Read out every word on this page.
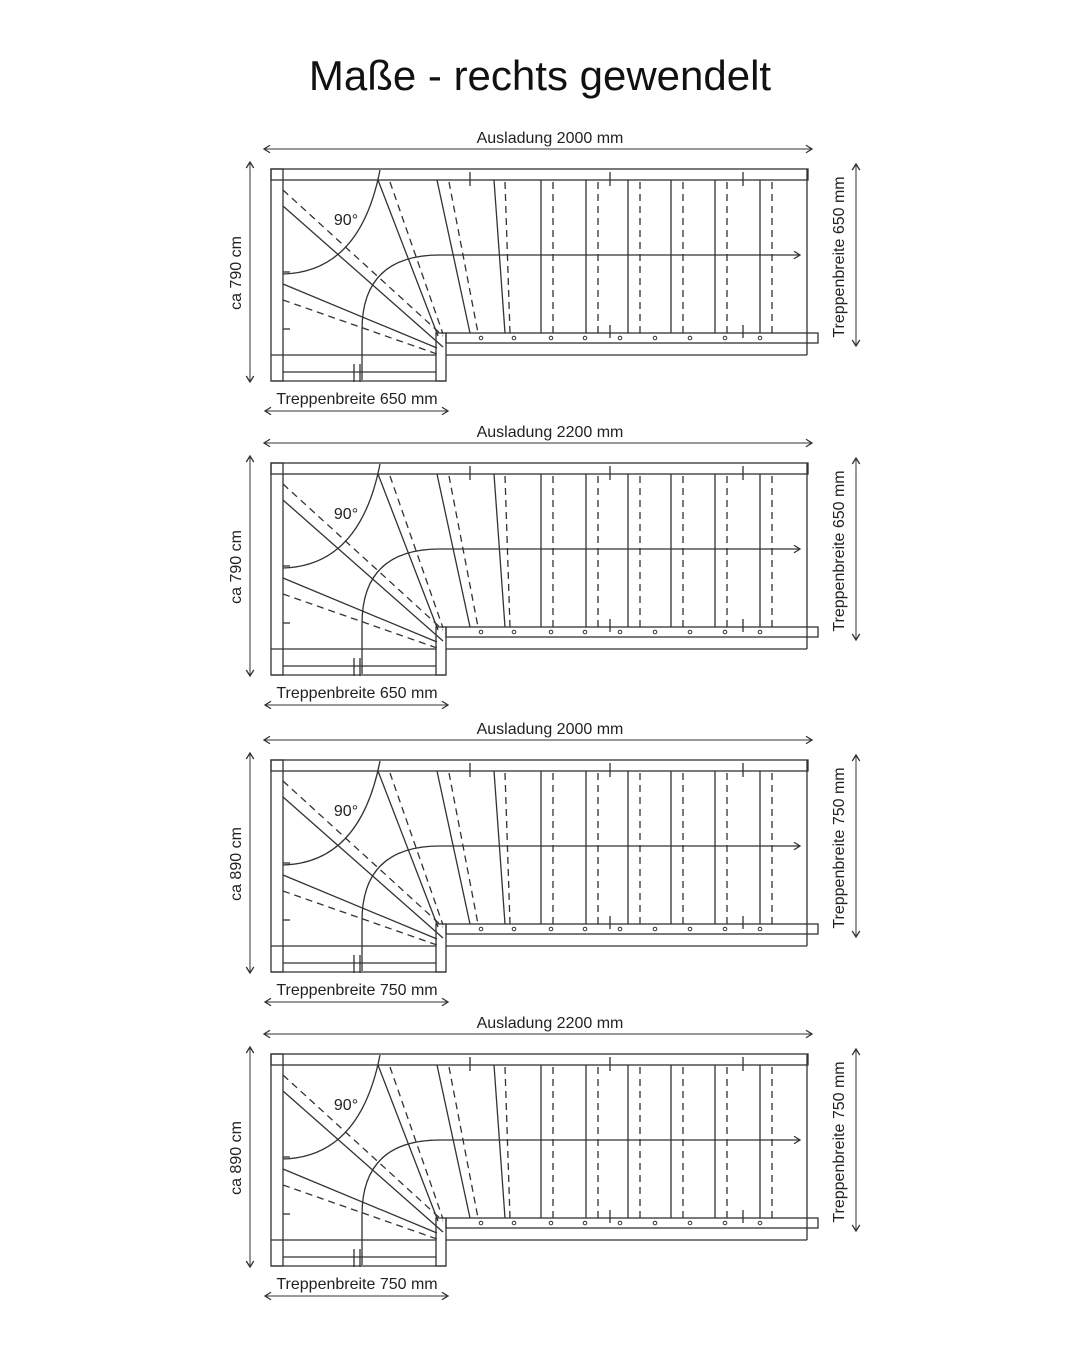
Maße - rechts gewendelt
Ausladung 2000 mm
ca 790 cm	Treppenbreite 650 mm
Treppenbreite 650 mm
90°
Ausladung 2200 mm
ca 790 cm	Treppenbreite 650 mm
Treppenbreite 650 mm
90°
Ausladung 2000 mm
ca 890 cm	Treppenbreite 750 mm
Treppenbreite 750 mm
90°
Ausladung 2200 mm
ca 890 cm	Treppenbreite 750 mm
Treppenbreite 750 mm
90°
